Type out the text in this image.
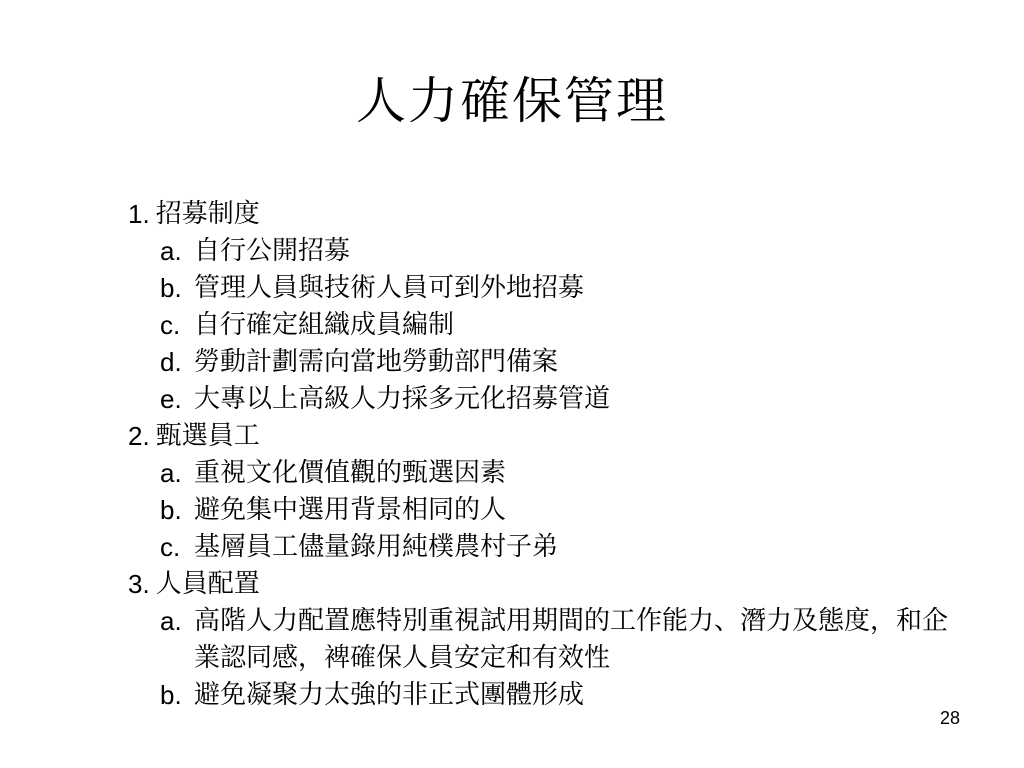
人力確保管理
1. 招募制度
a. 自行公開招募
b. 管理人員與技術人員可到外地招募
c. 自行確定組織成員編制
d. 勞動計劃需向當地勞動部門備案
e. 大專以上高級人力採多元化招募管道
2. 甄選員工
a. 重視文化價值觀的甄選因素
b. 避免集中選用背景相同的人
c. 基層員工儘量錄用純樸農村子弟
3. 人員配置
a. 高階人力配置應特別重視試用期間的工作能力、潛力及態度，和企業認同感，裨確保人員安定和有效性
b. 避免凝聚力太強的非正式團體形成
28
